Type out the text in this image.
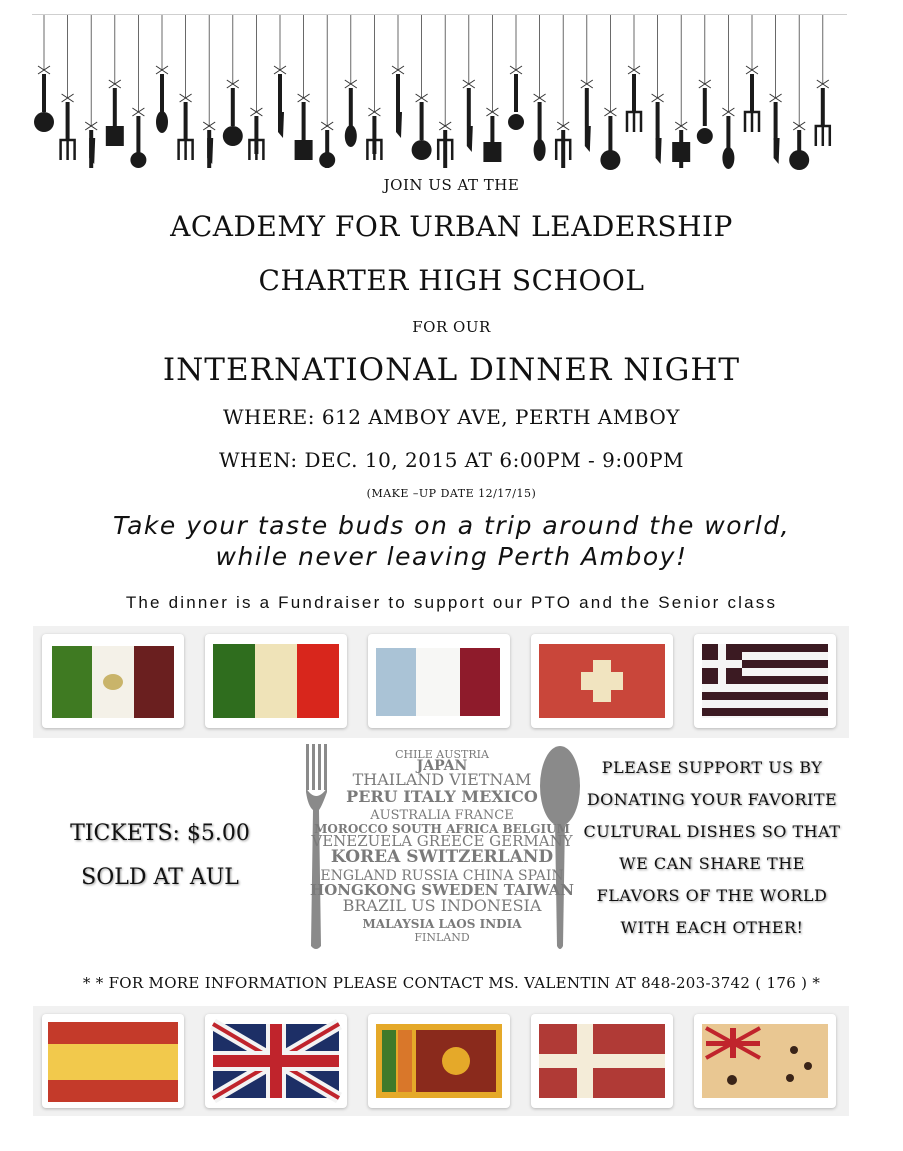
JOIN US AT THE
ACADEMY FOR URBAN LEADERSHIP
CHARTER HIGH SCHOOL
FOR OUR
INTERNATIONAL DINNER NIGHT
WHERE: 612 AMBOY AVE, PERTH AMBOY
WHEN: DEC. 10, 2015 AT 6:00PM - 9:00PM
(MAKE –UP DATE 12/17/15)
Take your taste buds on a trip around the world,
while never leaving Perth Amboy!
The dinner is a Fundraiser to support our PTO and the Senior class
TICKETS: $5.00
SOLD AT AUL
CHILE AUSTRIA
JAPAN
THAILAND VIETNAM
PERU ITALY MEXICO
AUSTRALIA FRANCE
MOROCCO SOUTH AFRICA BELGIUM
VENEZUELA GREECE GERMANY
KOREA SWITZERLAND
ENGLAND RUSSIA CHINA SPAIN
HONGKONG SWEDEN TAIWAN
BRAZIL US INDONESIA
MALAYSIA LAOS INDIA
FINLAND
PLEASE SUPPORT US BY
DONATING YOUR FAVORITE
CULTURAL DISHES SO THAT
WE CAN SHARE THE
FLAVORS OF THE WORLD
WITH EACH OTHER!
* * FOR MORE INFORMATION PLEASE CONTACT MS. VALENTIN AT 848-203-3742 ( 176 ) *
